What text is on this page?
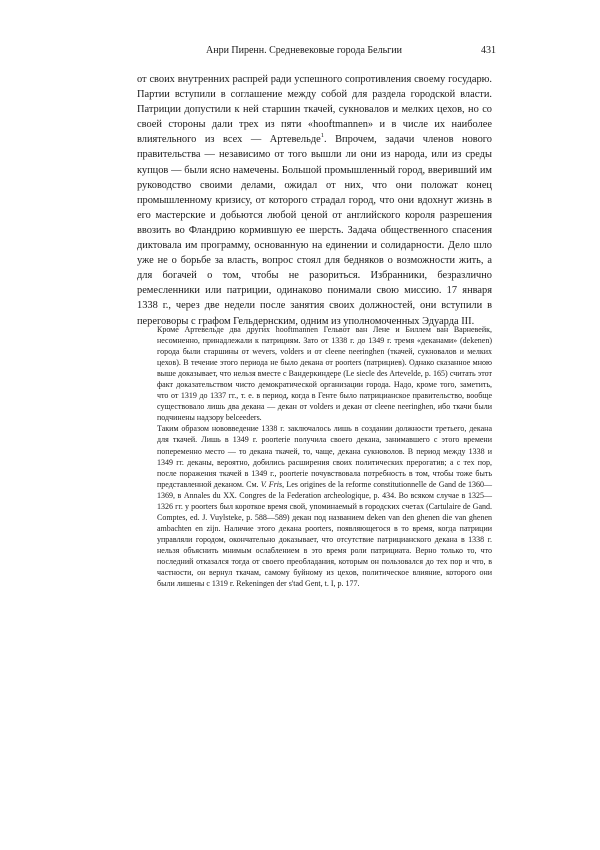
Анри Пиренн. Средневековые города Бельгии	431

от своих внутренних распрей ради успешного сопротивления своему государю. Партии вступили в соглашение между собой для раздела городской власти. Патриции допустили к ней старшин ткачей, сукновалов и мелких цехов, но со своей стороны дали трех из пяти «hooftmannen» и в числе их наиболее влиятельного из всех — Артевельде$^1$. Впрочем, задачи членов нового правительства — независимо от того вышли ли они из народа, или из среды купцов — были ясно намечены. Большой промышленный город, вверивший им руководство своими делами, ожидал от них, что они положат конец промышленному кризису, от которого страдал город, что они вдохнут жизнь в его мастерские и добьются любой ценой от английского короля разрешения ввозить во Фландрию кормившую ее шерсть. Задача общественного спасения диктовала им программу, основанную на единении и солидарности. Дело шло уже не о борьбе за власть, вопрос стоял для бедняков о возможности жить, а для богачей о том, чтобы не разориться. Избранники, безразлично ремесленники или патриции, одинаково понимали свою миссию. 17 января 1338 г., через две недели после занятия своих должностей, они вступили в переговоры с графом Гельдернским, одним из уполномоченных Эдуарда III.

Кроме Артевельде два других hooftmannen Гельвот ван Лене и Биллем ван Варневейк, несомненно, принадлежали к патрициям. Зато от 1338 г. до 1349 г. тремя «деканами» (dekenen) города были старшины от wevers, volders и от cleene neeringhen (ткачей, сукновалов и мелких цехов). В течение этого периода не было декана от poorters (патрициев). Однако сказанное мною выше доказывает, что нельзя вместе с Вандеркиндере (Le siecle des Artevelde, p. 165) считать этот факт доказательством чисто демократической организации города. Надо, кроме того, заметить, что от 1319 до 1337 гг., т. е. в период, когда в Генте было патрицианское правительство, вообще существовало лишь два декана — декан от volders и декан от cleene neeringhen, ибо ткачи были подчинены надзору belceeders.

Таким образом нововведение 1338 г. заключалось лишь в создании должности третьего, декана для ткачей. Лишь в 1349 г. poorterie получила своего декана, занимавшего с этого времени попеременно место — то декана ткачей, то, чаще, декана сукноволов. В период между 1338 и 1349 гг. деканы, вероятно, добились расширения своих политических прерогатив; а с тех пор, после поражения ткачей в 1349 г., poorterie почувствовала потребность в том, чтобы тоже быть представленной деканом. См. V. Fris, Les origines de la reforme constitutionnelle de Gand de 1360—1369, в Annales du XX. Congres de la Federation archeologique, p. 434. Во всяком случае в 1325—1326 гг. у poorters был короткое время свой, упоминаемый в городских счетах (Cartulaire de Gand. Comptes, ed. J. Vuylsteke, p. 588—589) декан под названием deken van den ghenen die van ghenen ambachten en zijn. Наличие этого декана poorters, появляющегося в то время, когда патриции управляли городом, окончательно доказывает, что отсутствие патрицианского декана в 1338 г. нельзя объяснить мнимым ослаблением в это время роли патрициата. Верно только то, что последний отказался тогда от своего преобладания, которым он пользовался до тех пор и что, в частности, он вернул ткачам, самому буйному из цехов, политическое влияние, которого они были лишены с 1319 г. Rekeningen der s'tad Gent, t. I, p. 177.
